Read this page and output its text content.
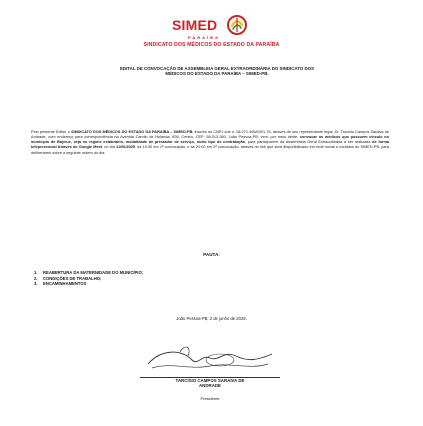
SIMED
PARAÍBA
SINDICATO DOS MÉDICOS DO ESTADO DA PARAÍBA
EDITAL DE CONVOCAÇÃO DE ASSEMBLEIA GERAL EXTRAORDINÁRIA DO SINDICATO DOS
MÉDICOS DO ESTADO DA PARAÍBA – SIMED-PB.
Pelo presente Edital, o SINDICATO DOS MÉDICOS DO ESTADO DA PARAÍBA – SIMED-PB, inscrito no CNPJ sob n. 08.271.405/0001-76, através de seu representante legal, Dr. Tarcísio Campos Saraiva de Andrade, com endereço para correspondência na Avenida Camilo de Holanda, 826, Centro, CEP: 58.013-360, João Pessoa-PB, vem, por meio deste, convocar os médicos que possuem vínculo no município de Bayeux, seja no regime estatutário, modalidade de prestador de serviço, outro tipo de contratação, para participarem da Assembleia Geral Extraordinária a ser realizada de forma telepresencial Através do Google Meet, no dia 11/06/2025, às 19:30 em 1ª convocação, e às 20:00 em 2ª convocação, através do link que será disponibilizado em rede social e contatos do SIMED-PB, para deliberarem sobre a seguinte ordem do dia:
PAUTA:
1. REABERTURA DA MATERNIDADE DO MUNICÍPIO;
2. CONDIÇÕES DE TRABALHO;
3. ENCAMINHAMENTOS
João Pessoa-PB, 2 de junho de 2025.
TARCÍSIO CAMPOS SARAIVA DE
ANDRADE
Presidente
